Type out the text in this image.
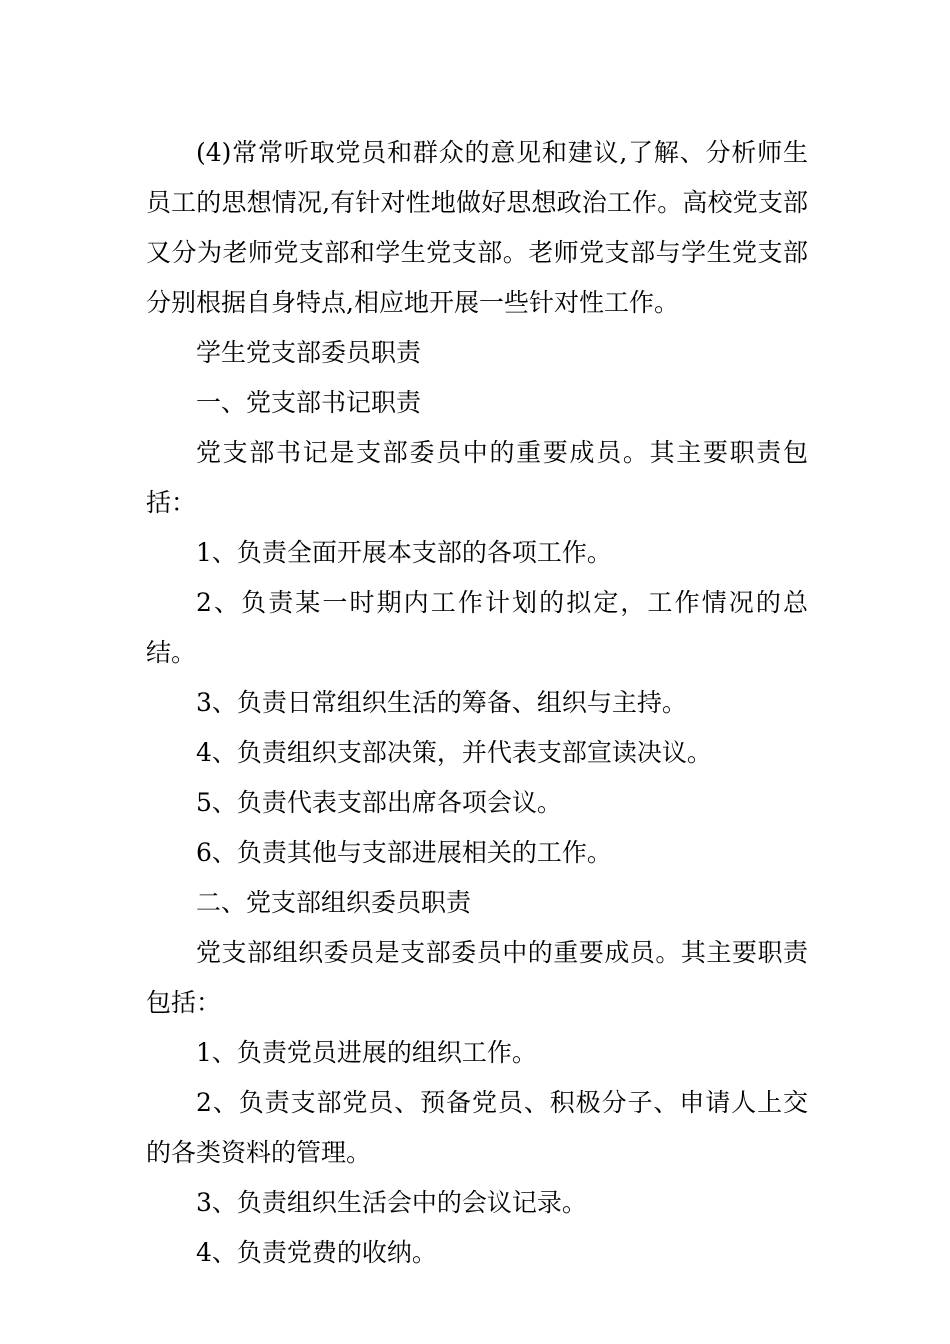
(4)常常听取党员和群众的意见和建议,了解、分析师生员工的思想情况,有针对性地做好思想政治工作。高校党支部又分为老师党支部和学生党支部。老师党支部与学生党支部分别根据自身特点,相应地开展一些针对性工作。

学生党支部委员职责

一、党支部书记职责

党支部书记是支部委员中的重要成员。其主要职责包括：

1、负责全面开展本支部的各项工作。

2、负责某一时期内工作计划的拟定，工作情况的总结。

3、负责日常组织生活的筹备、组织与主持。

4、负责组织支部决策，并代表支部宣读决议。

5、负责代表支部出席各项会议。

6、负责其他与支部进展相关的工作。

二、党支部组织委员职责

党支部组织委员是支部委员中的重要成员。其主要职责包括：

1、负责党员进展的组织工作。

2、负责支部党员、预备党员、积极分子、申请人上交的各类资料的管理。

3、负责组织生活会中的会议记录。

4、负责党费的收纳。
